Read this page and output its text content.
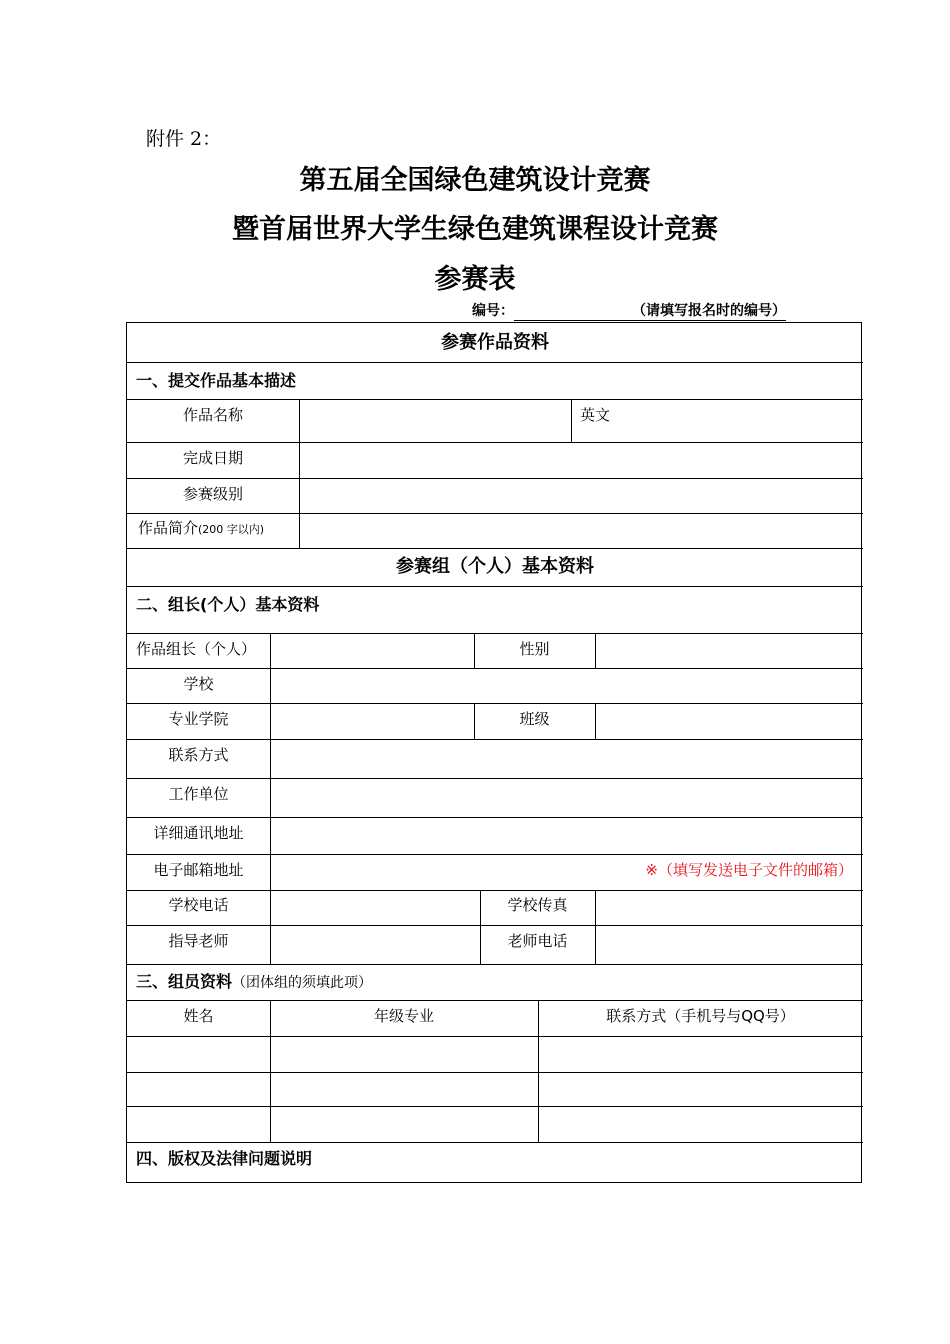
附件 2：
第五届全国绿色建筑设计竞赛
暨首届世界大学生绿色建筑课程设计竞赛
参赛表
编号：	（请填写报名时的编号）
参赛作品资料
一、提交作品基本描述
作品名称	英文
完成日期
参赛级别
作品简介(200 字以内)
参赛组（个人）基本资料
二、组长(个人）基本资料
作品组长（个人）	性别
学校
专业学院	班级
联系方式
工作单位
详细通讯地址
电子邮箱地址	※（填写发送电子文件的邮箱）
学校电话	学校传真
指导老师	老师电话
三、组员资料（团体组的须填此项）
姓名	年级专业	联系方式（手机号与QQ号）
四、版权及法律问题说明
